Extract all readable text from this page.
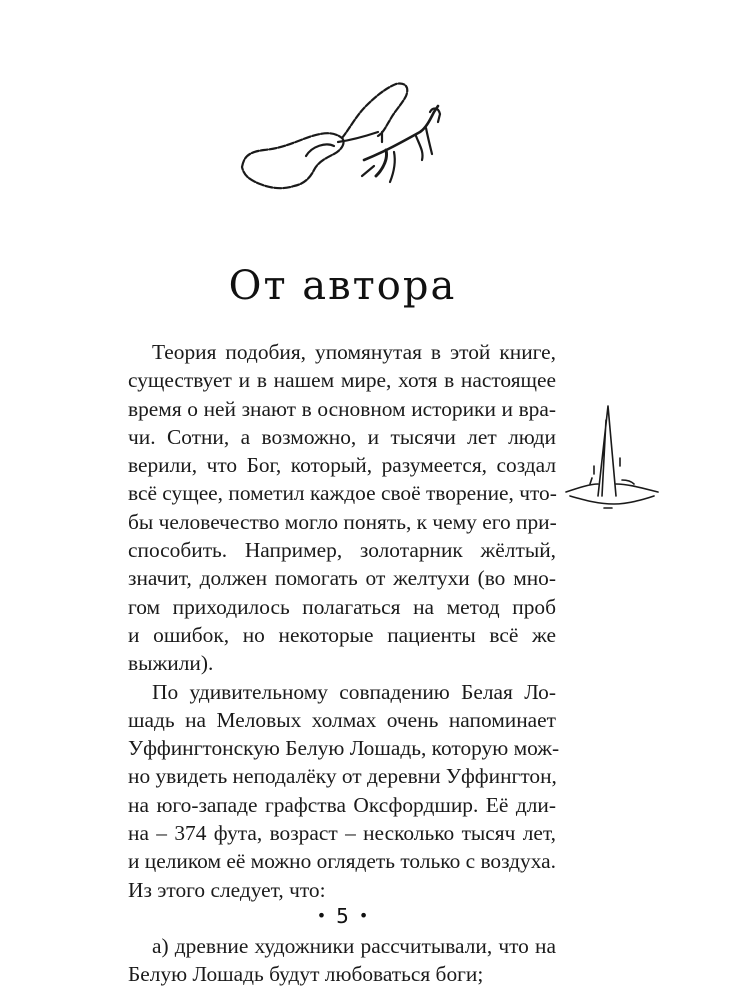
От автора

Теория подобия, упомянутая в этой книге,
существует и в нашем мире, хотя в настоящее
время о ней знают в основном историки и вра-
чи. Сотни, а возможно, и тысячи лет люди
верили, что Бог, который, разумеется, создал
всё сущее, пометил каждое своё творение, что-
бы человечество могло понять, к чему его при-
способить. Например, золотарник жёлтый,
значит, должен помогать от желтухи (во мно-
гом приходилось полагаться на метод проб
и ошибок, но некоторые пациенты всё же
выжили).

По удивительному совпадению Белая Ло-
шадь на Меловых холмах очень напоминает
Уффингтонскую Белую Лошадь, которую мож-
но увидеть неподалёку от деревни Уффингтон,
на юго-западе графства Оксфордшир. Её дли-
на – 374 фута, возраст – несколько тысяч лет,
и целиком её можно оглядеть только с воздуха.
Из этого следует, что:

а) древние художники рассчитывали, что на
Белую Лошадь будут любоваться боги;

• 5 •
